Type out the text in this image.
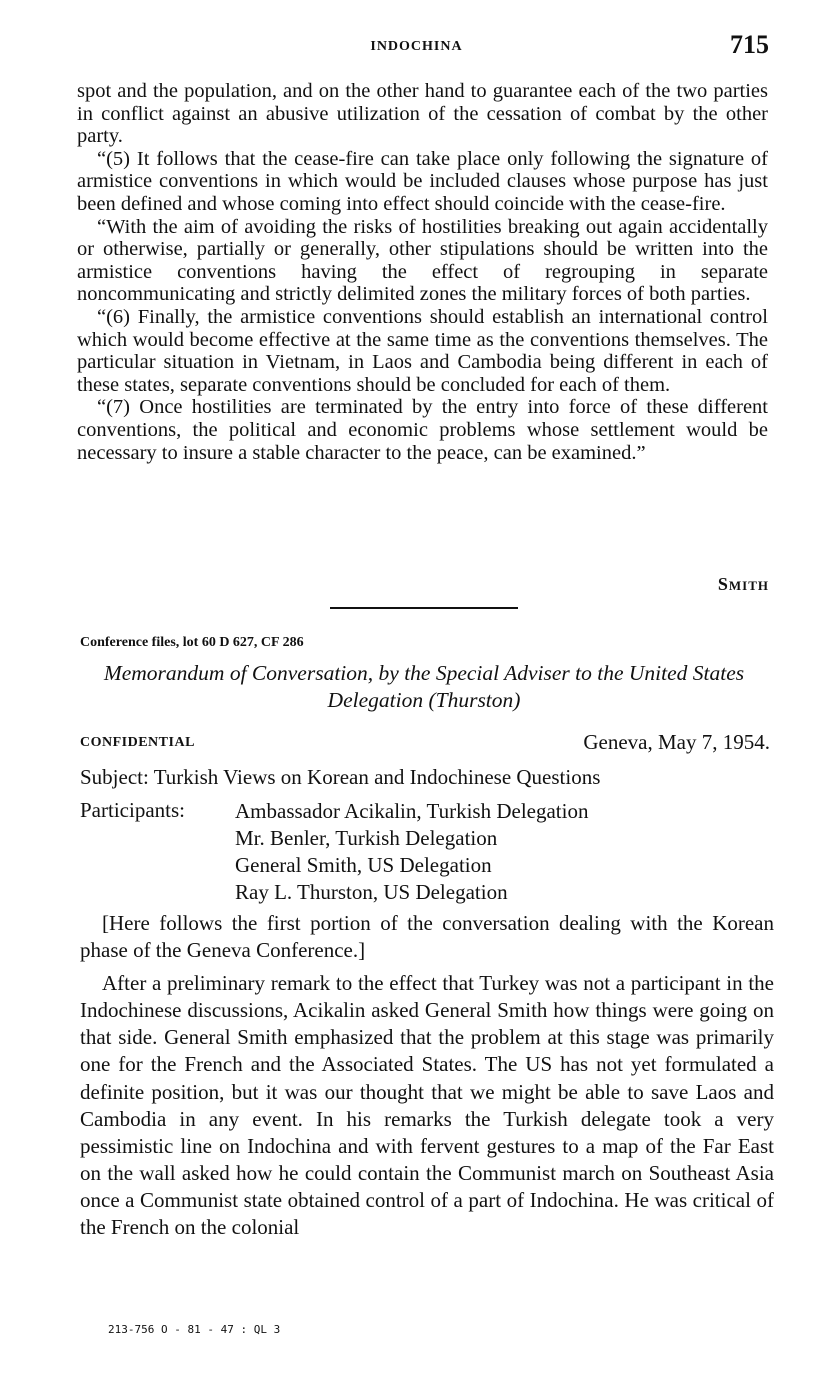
INDOCHINA	715

spot and the population, and on the other hand to guarantee each of the two parties in conflict against an abusive utilization of the cessation of combat by the other party.

“(5) It follows that the cease-fire can take place only following the signature of armistice conventions in which would be included clauses whose purpose has just been defined and whose coming into effect should coincide with the cease-fire.

“With the aim of avoiding the risks of hostilities breaking out again accidentally or otherwise, partially or generally, other stipulations should be written into the armistice conventions having the effect of regrouping in separate noncommunicating and strictly delimited zones the military forces of both parties.

“(6) Finally, the armistice conventions should establish an international control which would become effective at the same time as the conventions themselves. The particular situation in Vietnam, in Laos and Cambodia being different in each of these states, separate conventions should be concluded for each of them.

“(7) Once hostilities are terminated by the entry into force of these different conventions, the political and economic problems whose settlement would be necessary to insure a stable character to the peace, can be examined.”

Smith
Conference files, lot 60 D 627, CF 286
Memorandum of Conversation, by the Special Adviser to the United States Delegation (Thurston)
CONFIDENTIAL	Geneva, May 7, 1954.
Subject: Turkish Views on Korean and Indochinese Questions
Participants: Ambassador Acikalin, Turkish Delegation
Mr. Benler, Turkish Delegation
General Smith, US Delegation
Ray L. Thurston, US Delegation

[Here follows the first portion of the conversation dealing with the Korean phase of the Geneva Conference.]

After a preliminary remark to the effect that Turkey was not a participant in the Indochinese discussions, Acikalin asked General Smith how things were going on that side. General Smith emphasized that the problem at this stage was primarily one for the French and the Associated States. The US has not yet formulated a definite position, but it was our thought that we might be able to save Laos and Cambodia in any event. In his remarks the Turkish delegate took a very pessimistic line on Indochina and with fervent gestures to a map of the Far East on the wall asked how he could contain the Communist march on Southeast Asia once a Communist state obtained control of a part of Indochina. He was critical of the French on the colonial

213-756 O - 81 - 47 : QL 3
